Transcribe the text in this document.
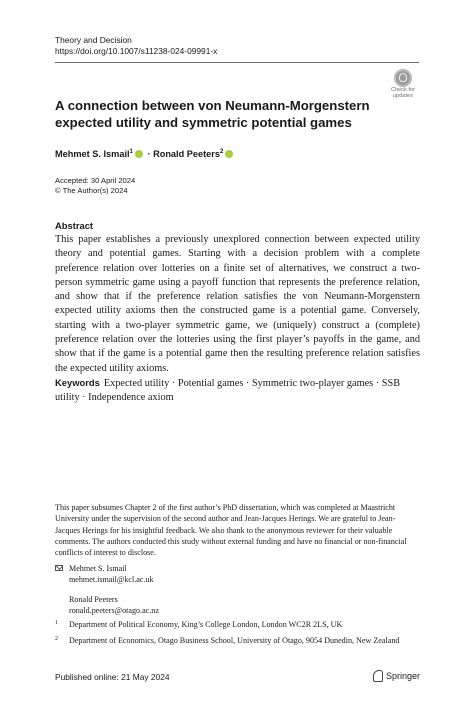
Theory and Decision
https://doi.org/10.1007/s11238-024-09991-x
Check for
updates
A connection between von Neumann-Morgenstern expected utility and symmetric potential games
Mehmet S. Ismail$^1$ · Ronald Peeters$^2$
Accepted: 30 April 2024
© The Author(s) 2024
Abstract
This paper establishes a previously unexplored connection between expected utility theory and potential games. Starting with a decision problem with a complete preference relation over lotteries on a finite set of alternatives, we construct a two-person symmetric game using a payoff function that represents the preference relation, and show that if the preference relation satisfies the von Neumann-Morgenstern expected utility axioms then the constructed game is a potential game. Conversely, starting with a two-player symmetric game, we (uniquely) construct a (complete) preference relation over the lotteries using the first player’s payoffs in the game, and show that if the game is a potential game then the resulting preference relation satisfies the expected utility axioms.
Keywords Expected utility · Potential games · Symmetric two-player games · SSB utility · Independence axiom
This paper subsumes Chapter 2 of the first author’s PhD dissertation, which was completed at Maastricht University under the supervision of the second author and Jean-Jacques Herings. We are grateful to Jean-Jacques Herings for his insightful feedback. We also thank to the anonymous reviewer for their valuable comments. The authors conducted this study without external funding and have no financial or non-financial conflicts of interest to disclose.
Mehmet S. Ismail
mehmet.ismail@kcl.ac.uk
Ronald Peeters
ronald.peeters@otago.ac.nz
1 Department of Political Economy, King’s College London, London WC2R 2LS, UK
2 Department of Economics, Otago Business School, University of Otago, 9054 Dunedin, New Zealand
Published online: 21 May 2024	Springer
